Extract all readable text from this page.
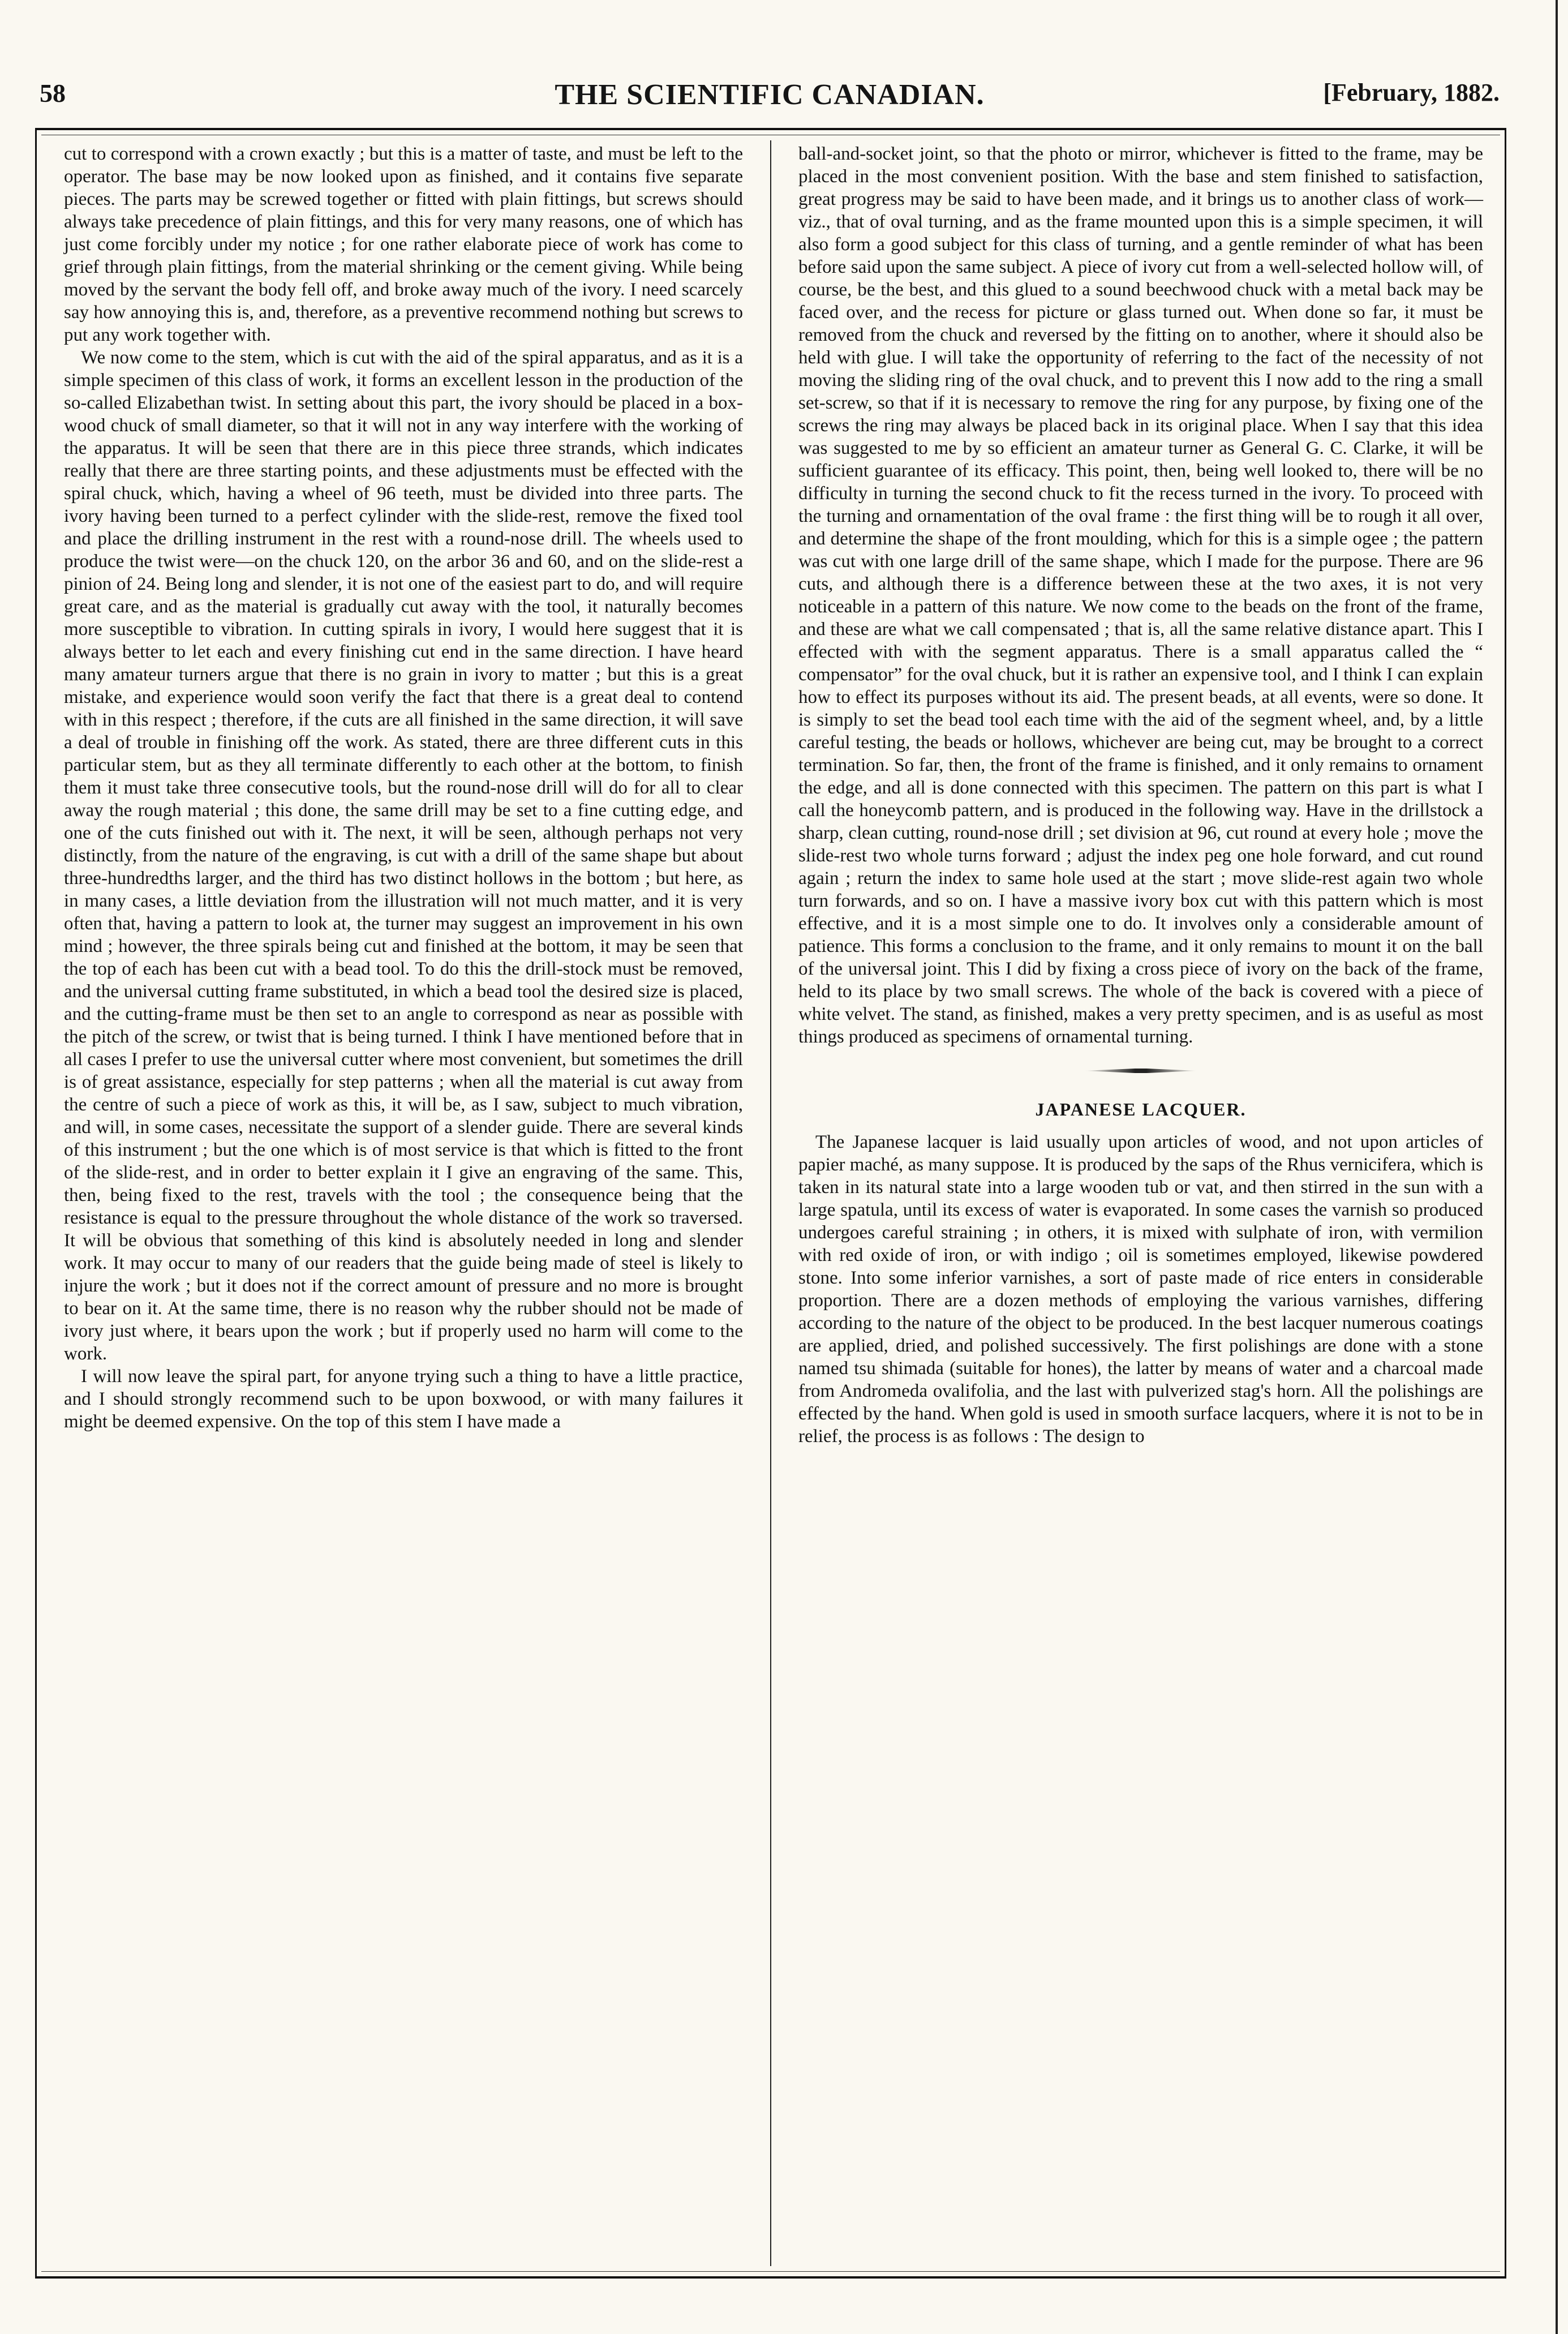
58	THE SCIENTIFIC CANADIAN.	[February, 1882.

cut to correspond with a crown exactly ; but this is a matter of taste, and must be left to the operator. The base may be now looked upon as finished, and it contains five separate pieces. The parts may be screwed together or fitted with plain fittings, but screws should always take precedence of plain fittings, and this for very many reasons, one of which has just come forcibly under my notice ; for one rather elaborate piece of work has come to grief through plain fittings, from the material shrinking or the cement giving. While being moved by the servant the body fell off, and broke away much of the ivory. I need scarcely say how annoying this is, and, therefore, as a preventive recommend nothing but screws to put any work together with.

We now come to the stem, which is cut with the aid of the spiral apparatus, and as it is a simple specimen of this class of work, it forms an excellent lesson in the production of the so-called Elizabethan twist. In setting about this part, the ivory should be placed in a box-wood chuck of small diameter, so that it will not in any way interfere with the working of the apparatus. It will be seen that there are in this piece three strands, which indicates really that there are three starting points, and these adjustments must be effected with the spiral chuck, which, having a wheel of 96 teeth, must be divided into three parts. The ivory having been turned to a perfect cylinder with the slide-rest, remove the fixed tool and place the drilling instrument in the rest with a round-nose drill. The wheels used to produce the twist were—on the chuck 120, on the arbor 36 and 60, and on the slide-rest a pinion of 24. Being long and slender, it is not one of the easiest part to do, and will require great care, and as the material is gradually cut away with the tool, it naturally becomes more susceptible to vibration. In cutting spirals in ivory, I would here suggest that it is always better to let each and every finishing cut end in the same direction. I have heard many amateur turners argue that there is no grain in ivory to matter ; but this is a great mistake, and experience would soon verify the fact that there is a great deal to contend with in this respect ; therefore, if the cuts are all finished in the same direction, it will save a deal of trouble in finishing off the work. As stated, there are three different cuts in this particular stem, but as they all terminate differently to each other at the bottom, to finish them it must take three consecutive tools, but the round-nose drill will do for all to clear away the rough material ; this done, the same drill may be set to a fine cutting edge, and one of the cuts finished out with it. The next, it will be seen, although perhaps not very distinctly, from the nature of the engraving, is cut with a drill of the same shape but about three-hundredths larger, and the third has two distinct hollows in the bottom ; but here, as in many cases, a little deviation from the illustration will not much matter, and it is very often that, having a pattern to look at, the turner may suggest an improvement in his own mind ; however, the three spirals being cut and finished at the bottom, it may be seen that the top of each has been cut with a bead tool. To do this the drill-stock must be removed, and the universal cutting frame substituted, in which a bead tool the desired size is placed, and the cutting-frame must be then set to an angle to correspond as near as possible with the pitch of the screw, or twist that is being turned. I think I have mentioned before that in all cases I prefer to use the universal cutter where most convenient, but sometimes the drill is of great assistance, especially for step patterns ; when all the material is cut away from the centre of such a piece of work as this, it will be, as I saw, subject to much vibration, and will, in some cases, necessitate the support of a slender guide. There are several kinds of this instrument ; but the one which is of most service is that which is fitted to the front of the slide-rest, and in order to better explain it I give an engraving of the same. This, then, being fixed to the rest, travels with the tool ; the consequence being that the resistance is equal to the pressure throughout the whole distance of the work so traversed. It will be obvious that something of this kind is absolutely needed in long and slender work. It may occur to many of our readers that the guide being made of steel is likely to injure the work ; but it does not if the correct amount of pressure and no more is brought to bear on it. At the same time, there is no reason why the rubber should not be made of ivory just where, it bears upon the work ; but if properly used no harm will come to the work.

I will now leave the spiral part, for anyone trying such a thing to have a little practice, and I should strongly recommend such to be upon boxwood, or with many failures it might be deemed expensive. On the top of this stem I have made a

ball-and-socket joint, so that the photo or mirror, whichever is fitted to the frame, may be placed in the most convenient position. With the base and stem finished to satisfaction, great progress may be said to have been made, and it brings us to another class of work—viz., that of oval turning, and as the frame mounted upon this is a simple specimen, it will also form a good subject for this class of turning, and a gentle reminder of what has been before said upon the same subject. A piece of ivory cut from a well-selected hollow will, of course, be the best, and this glued to a sound beechwood chuck with a metal back may be faced over, and the recess for picture or glass turned out. When done so far, it must be removed from the chuck and reversed by the fitting on to another, where it should also be held with glue. I will take the opportunity of referring to the fact of the necessity of not moving the sliding ring of the oval chuck, and to prevent this I now add to the ring a small set-screw, so that if it is necessary to remove the ring for any purpose, by fixing one of the screws the ring may always be placed back in its original place. When I say that this idea was suggested to me by so efficient an amateur turner as General G. C. Clarke, it will be sufficient guarantee of its efficacy. This point, then, being well looked to, there will be no difficulty in turning the second chuck to fit the recess turned in the ivory. To proceed with the turning and ornamentation of the oval frame : the first thing will be to rough it all over, and determine the shape of the front moulding, which for this is a simple ogee ; the pattern was cut with one large drill of the same shape, which I made for the purpose. There are 96 cuts, and although there is a difference between these at the two axes, it is not very noticeable in a pattern of this nature. We now come to the beads on the front of the frame, and these are what we call compensated ; that is, all the same relative distance apart. This I effected with with the segment apparatus. There is a small apparatus called the “ compensator” for the oval chuck, but it is rather an expensive tool, and I think I can explain how to effect its purposes without its aid. The present beads, at all events, were so done. It is simply to set the bead tool each time with the aid of the segment wheel, and, by a little careful testing, the beads or hollows, whichever are being cut, may be brought to a correct termination. So far, then, the front of the frame is finished, and it only remains to ornament the edge, and all is done connected with this specimen. The pattern on this part is what I call the honeycomb pattern, and is produced in the following way. Have in the drillstock a sharp, clean cutting, round-nose drill ; set division at 96, cut round at every hole ; move the slide-rest two whole turns forward ; adjust the index peg one hole forward, and cut round again ; return the index to same hole used at the start ; move slide-rest again two whole turn forwards, and so on. I have a massive ivory box cut with this pattern which is most effective, and it is a most simple one to do. It involves only a considerable amount of patience. This forms a conclusion to the frame, and it only remains to mount it on the ball of the universal joint. This I did by fixing a cross piece of ivory on the back of the frame, held to its place by two small screws. The whole of the back is covered with a piece of white velvet. The stand, as finished, makes a very pretty specimen, and is as useful as most things produced as specimens of ornamental turning.

JAPANESE LACQUER.

The Japanese lacquer is laid usually upon articles of wood, and not upon articles of papier maché, as many suppose. It is produced by the saps of the Rhus vernicifera, which is taken in its natural state into a large wooden tub or vat, and then stirred in the sun with a large spatula, until its excess of water is evaporated. In some cases the varnish so produced undergoes careful straining ; in others, it is mixed with sulphate of iron, with vermilion with red oxide of iron, or with indigo ; oil is sometimes employed, likewise powdered stone. Into some inferior varnishes, a sort of paste made of rice enters in considerable proportion. There are a dozen methods of employing the various varnishes, differing according to the nature of the object to be produced. In the best lacquer numerous coatings are applied, dried, and polished successively. The first polishings are done with a stone named tsu shimada (suitable for hones), the latter by means of water and a charcoal made from Andromeda ovalifolia, and the last with pulverized stag's horn. All the polishings are effected by the hand. When gold is used in smooth surface lacquers, where it is not to be in relief, the process is as follows : The design to
